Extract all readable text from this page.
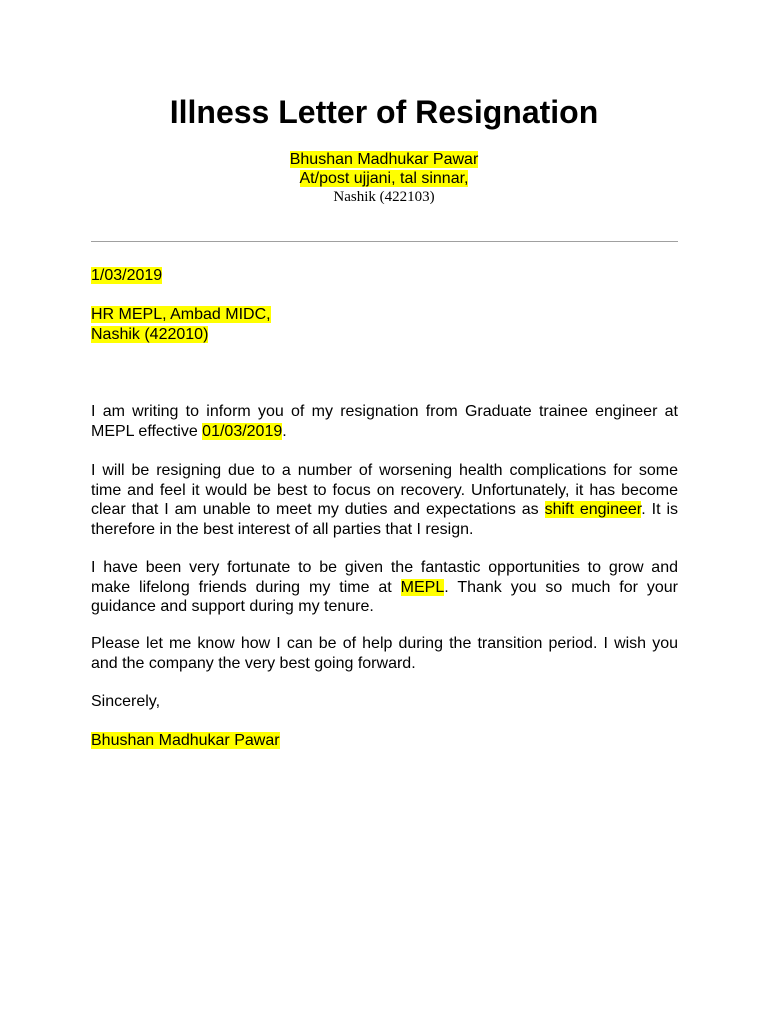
Illness Letter of Resignation
Bhushan Madhukar Pawar
At/post ujjani, tal sinnar,
Nashik (422103)
1/03/2019
HR MEPL, Ambad MIDC,
Nashik (422010)
I am writing to inform you of my resignation from Graduate trainee engineer at MEPL effective 01/03/2019.
I will be resigning due to a number of worsening health complications for some time and feel it would be best to focus on recovery. Unfortunately, it has become clear that I am unable to meet my duties and expectations as shift engineer. It is therefore in the best interest of all parties that I resign.
I have been very fortunate to be given the fantastic opportunities to grow and make lifelong friends during my time at MEPL. Thank you so much for your guidance and support during my tenure.
Please let me know how I can be of help during the transition period. I wish you and the company the very best going forward.
Sincerely,
Bhushan Madhukar Pawar
